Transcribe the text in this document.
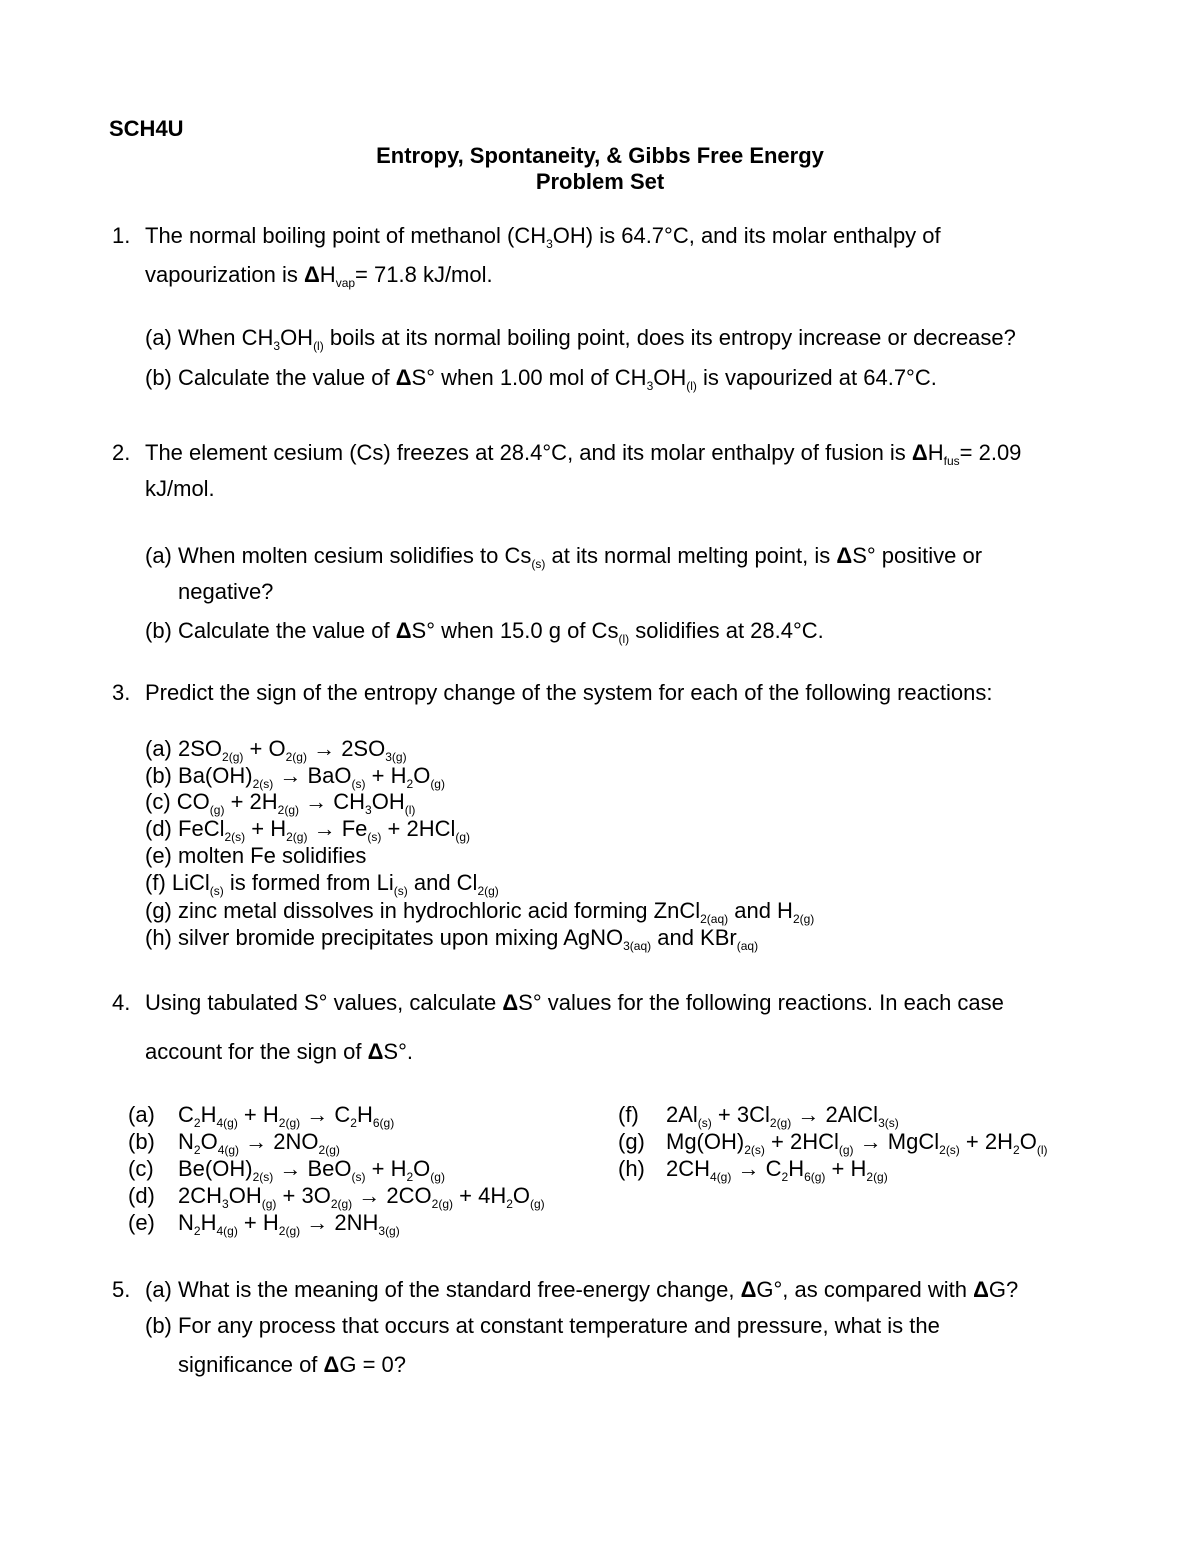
SCH4U
Entropy, Spontaneity, & Gibbs Free Energy
Problem Set
1. The normal boiling point of methanol $(CH_3OH)$ is 64.7°C, and its molar enthalpy of
vapourization is $\Delta H_{vap}= 71.8$ kJ/mol.
(a) When $CH_3OH_{(l)}$ boils at its normal boiling point, does its entropy increase or decrease?
(b) Calculate the value of ΔS° when 1.00 mol of $CH_3OH_{(l)}$ is vapourized at 64.7°C.
2. The element cesium (Cs) freezes at 28.4°C, and its molar enthalpy of fusion is $\Delta H_{fus}= 2.09$
kJ/mol.
(a) When molten cesium solidifies to $Cs_{(s)}$ at its normal melting point, is ΔS° positive or
negative?
(b) Calculate the value of ΔS° when 15.0 g of $Cs_{(l)}$ solidifies at 28.4°C.
3. Predict the sign of the entropy change of the system for each of the following reactions:
(a) $2SO_{2(g)} + O_{2(g)} \to 2SO_{3(g)}$
(b) $Ba(OH)_{2(s)} \to BaO_{(s)} + H_2O_{(g)}$
(c) $CO_{(g)} + 2H_{2(g)} \to CH_3OH_{(l)}$
(d) FeCl$_{2(s)}$ + $H_{2(g)} \to Fe_{(s)} + 2HCl_{(g)}$
(e) molten Fe solidifies
(f) LiCl$_{(s)}$ is formed from $Li_{(s)}$ and $Cl_{2(g)}$
(g) zinc metal dissolves in hydrochloric acid forming ZnCl$_{2(aq)}$ and $H_{2(g)}$
(h) silver bromide precipitates upon mixing AgNO$_{3(aq)}$ and KBr$_{(aq)}$
4. Using tabulated S° values, calculate ΔS° values for the following reactions. In each case
account for the sign of ΔS°.
(a) $C_2H_{4(g)} + H_{2(g)} \to C_2H_{6(g)}$
(b) $N_2O_{4(g)} \to 2NO_{2(g)}$
(c) $Be(OH)_{2(s)} \to BeO_{(s)} + H_2O_{(g)}$
(d) $2CH_3OH_{(g)} + 3O_{2(g)} \to 2CO_{2(g)} + 4H_2O_{(g)}$
(e) $N_2H_{4(g)} + H_{2(g)} \to 2NH_{3(g)}$
(f) $2Al_{(s)} + 3Cl_{2(g)}$ → 2AlCl$_{3(s)}$
(g) $Mg(OH)_{2(s)} + 2HCl_{(g)}$ → MgCl$_{2(s)}$ + $2H_2O_{(l)}$
(h) $2CH_{4(g)} \to C_2H_{6(g)} + H_{2(g)}$
5. (a) What is the meaning of the standard free-energy change, ΔG°, as compared with ΔG?
(b) For any process that occurs at constant temperature and pressure, what is the
significance of ΔG = 0?
